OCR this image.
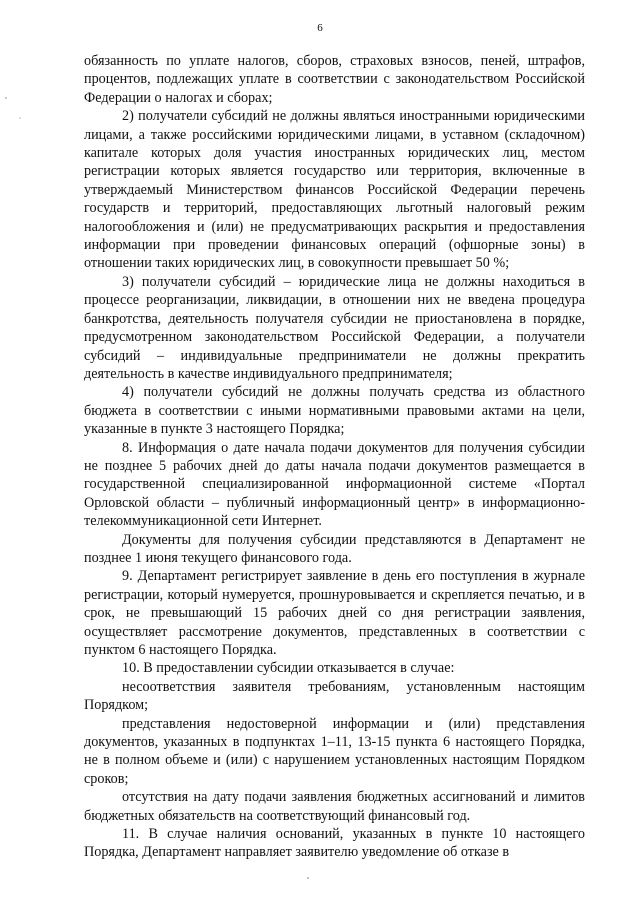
6

обязанность по уплате налогов, сборов, страховых взносов, пеней, штрафов, процентов, подлежащих уплате в соответствии с законодательством Российской Федерации о налогах и сборах;

2) получатели субсидий не должны являться иностранными юридическими лицами, а также российскими юридическими лицами, в уставном (складочном) капитале которых доля участия иностранных юридических лиц, местом регистрации которых является государство или территория, включенные в утверждаемый Министерством финансов Российской Федерации перечень государств и территорий, предоставляющих льготный налоговый режим налогообложения и (или) не предусматривающих раскрытия и предоставления информации при проведении финансовых операций (офшорные зоны) в отношении таких юридических лиц, в совокупности превышает 50 %;

3) получатели субсидий – юридические лица не должны находиться в процессе реорганизации, ликвидации, в отношении них не введена процедура банкротства, деятельность получателя субсидии не приостановлена в порядке, предусмотренном законодательством Российской Федерации, а получатели субсидий – индивидуальные предприниматели не должны прекратить деятельность в качестве индивидуального предпринимателя;

4) получатели субсидий не должны получать средства из областного бюджета в соответствии с иными нормативными правовыми актами на цели, указанные в пункте 3 настоящего Порядка;

8. Информация о дате начала подачи документов для получения субсидии не позднее 5 рабочих дней до даты начала подачи документов размещается в государственной специализированной информационной системе «Портал Орловской области – публичный информационный центр» в информационно-телекоммуникационной сети Интернет.

Документы для получения субсидии представляются в Департамент не позднее 1 июня текущего финансового года.

9. Департамент регистрирует заявление в день его поступления в журнале регистрации, который нумеруется, прошнуровывается и скрепляется печатью, и в срок, не превышающий 15 рабочих дней со дня регистрации заявления, осуществляет рассмотрение документов, представленных в соответствии с пунктом 6 настоящего Порядка.

10. В предоставлении субсидии отказывается в случае:

несоответствия заявителя требованиям, установленным настоящим Порядком;

представления недостоверной информации и (или) представления документов, указанных в подпунктах 1–11, 13-15 пункта 6 настоящего Порядка, не в полном объеме и (или) с нарушением установленных настоящим Порядком сроков;

отсутствия на дату подачи заявления бюджетных ассигнований и лимитов бюджетных обязательств на соответствующий финансовый год.

11. В случае наличия оснований, указанных в пункте 10 настоящего Порядка, Департамент направляет заявителю уведомление об отказе в
